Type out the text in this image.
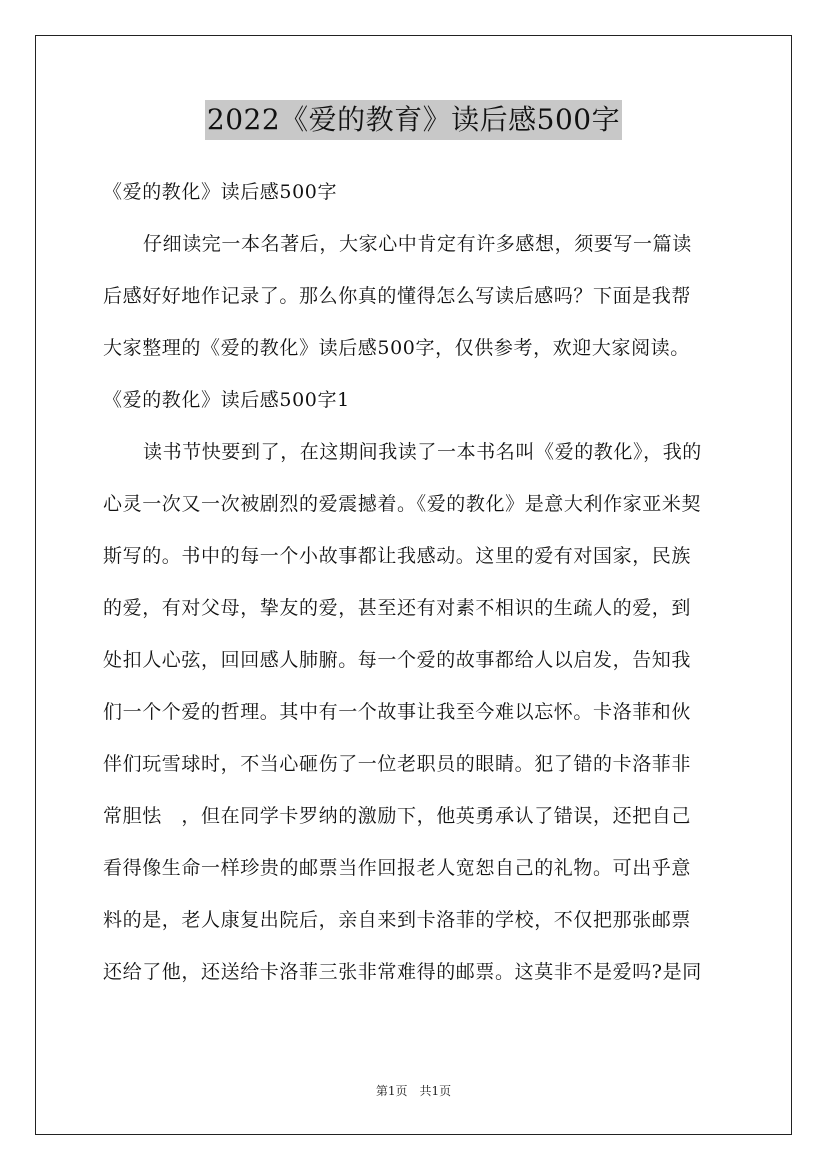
2022《爱的教育》读后感500字
《爱的教化》读后感500字
仔细读完一本名著后，大家心中肯定有许多感想，须要写一篇读
后感好好地作记录了。那么你真的懂得怎么写读后感吗？下面是我帮
大家整理的《爱的教化》读后感500字，仅供参考，欢迎大家阅读。
《爱的教化》读后感500字1
读书节快要到了，在这期间我读了一本书名叫《爱的教化》，我的
心灵一次又一次被剧烈的爱震撼着。《爱的教化》是意大利作家亚米契
斯写的。书中的每一个小故事都让我感动。这里的爱有对国家，民族
的爱，有对父母，挚友的爱，甚至还有对素不相识的生疏人的爱，到
处扣人心弦，回回感人肺腑。每一个爱的故事都给人以启发，告知我
们一个个爱的哲理。其中有一个故事让我至今难以忘怀。卡洛菲和伙
伴们玩雪球时，不当心砸伤了一位老职员的眼睛。犯了错的卡洛菲非
常胆怯　，但在同学卡罗纳的激励下，他英勇承认了错误，还把自己
看得像生命一样珍贵的邮票当作回报老人宽恕自己的礼物。可出乎意
料的是，老人康复出院后，亲自来到卡洛菲的学校，不仅把那张邮票
还给了他，还送给卡洛菲三张非常难得的邮票。这莫非不是爱吗?是同
第1页 共1页
